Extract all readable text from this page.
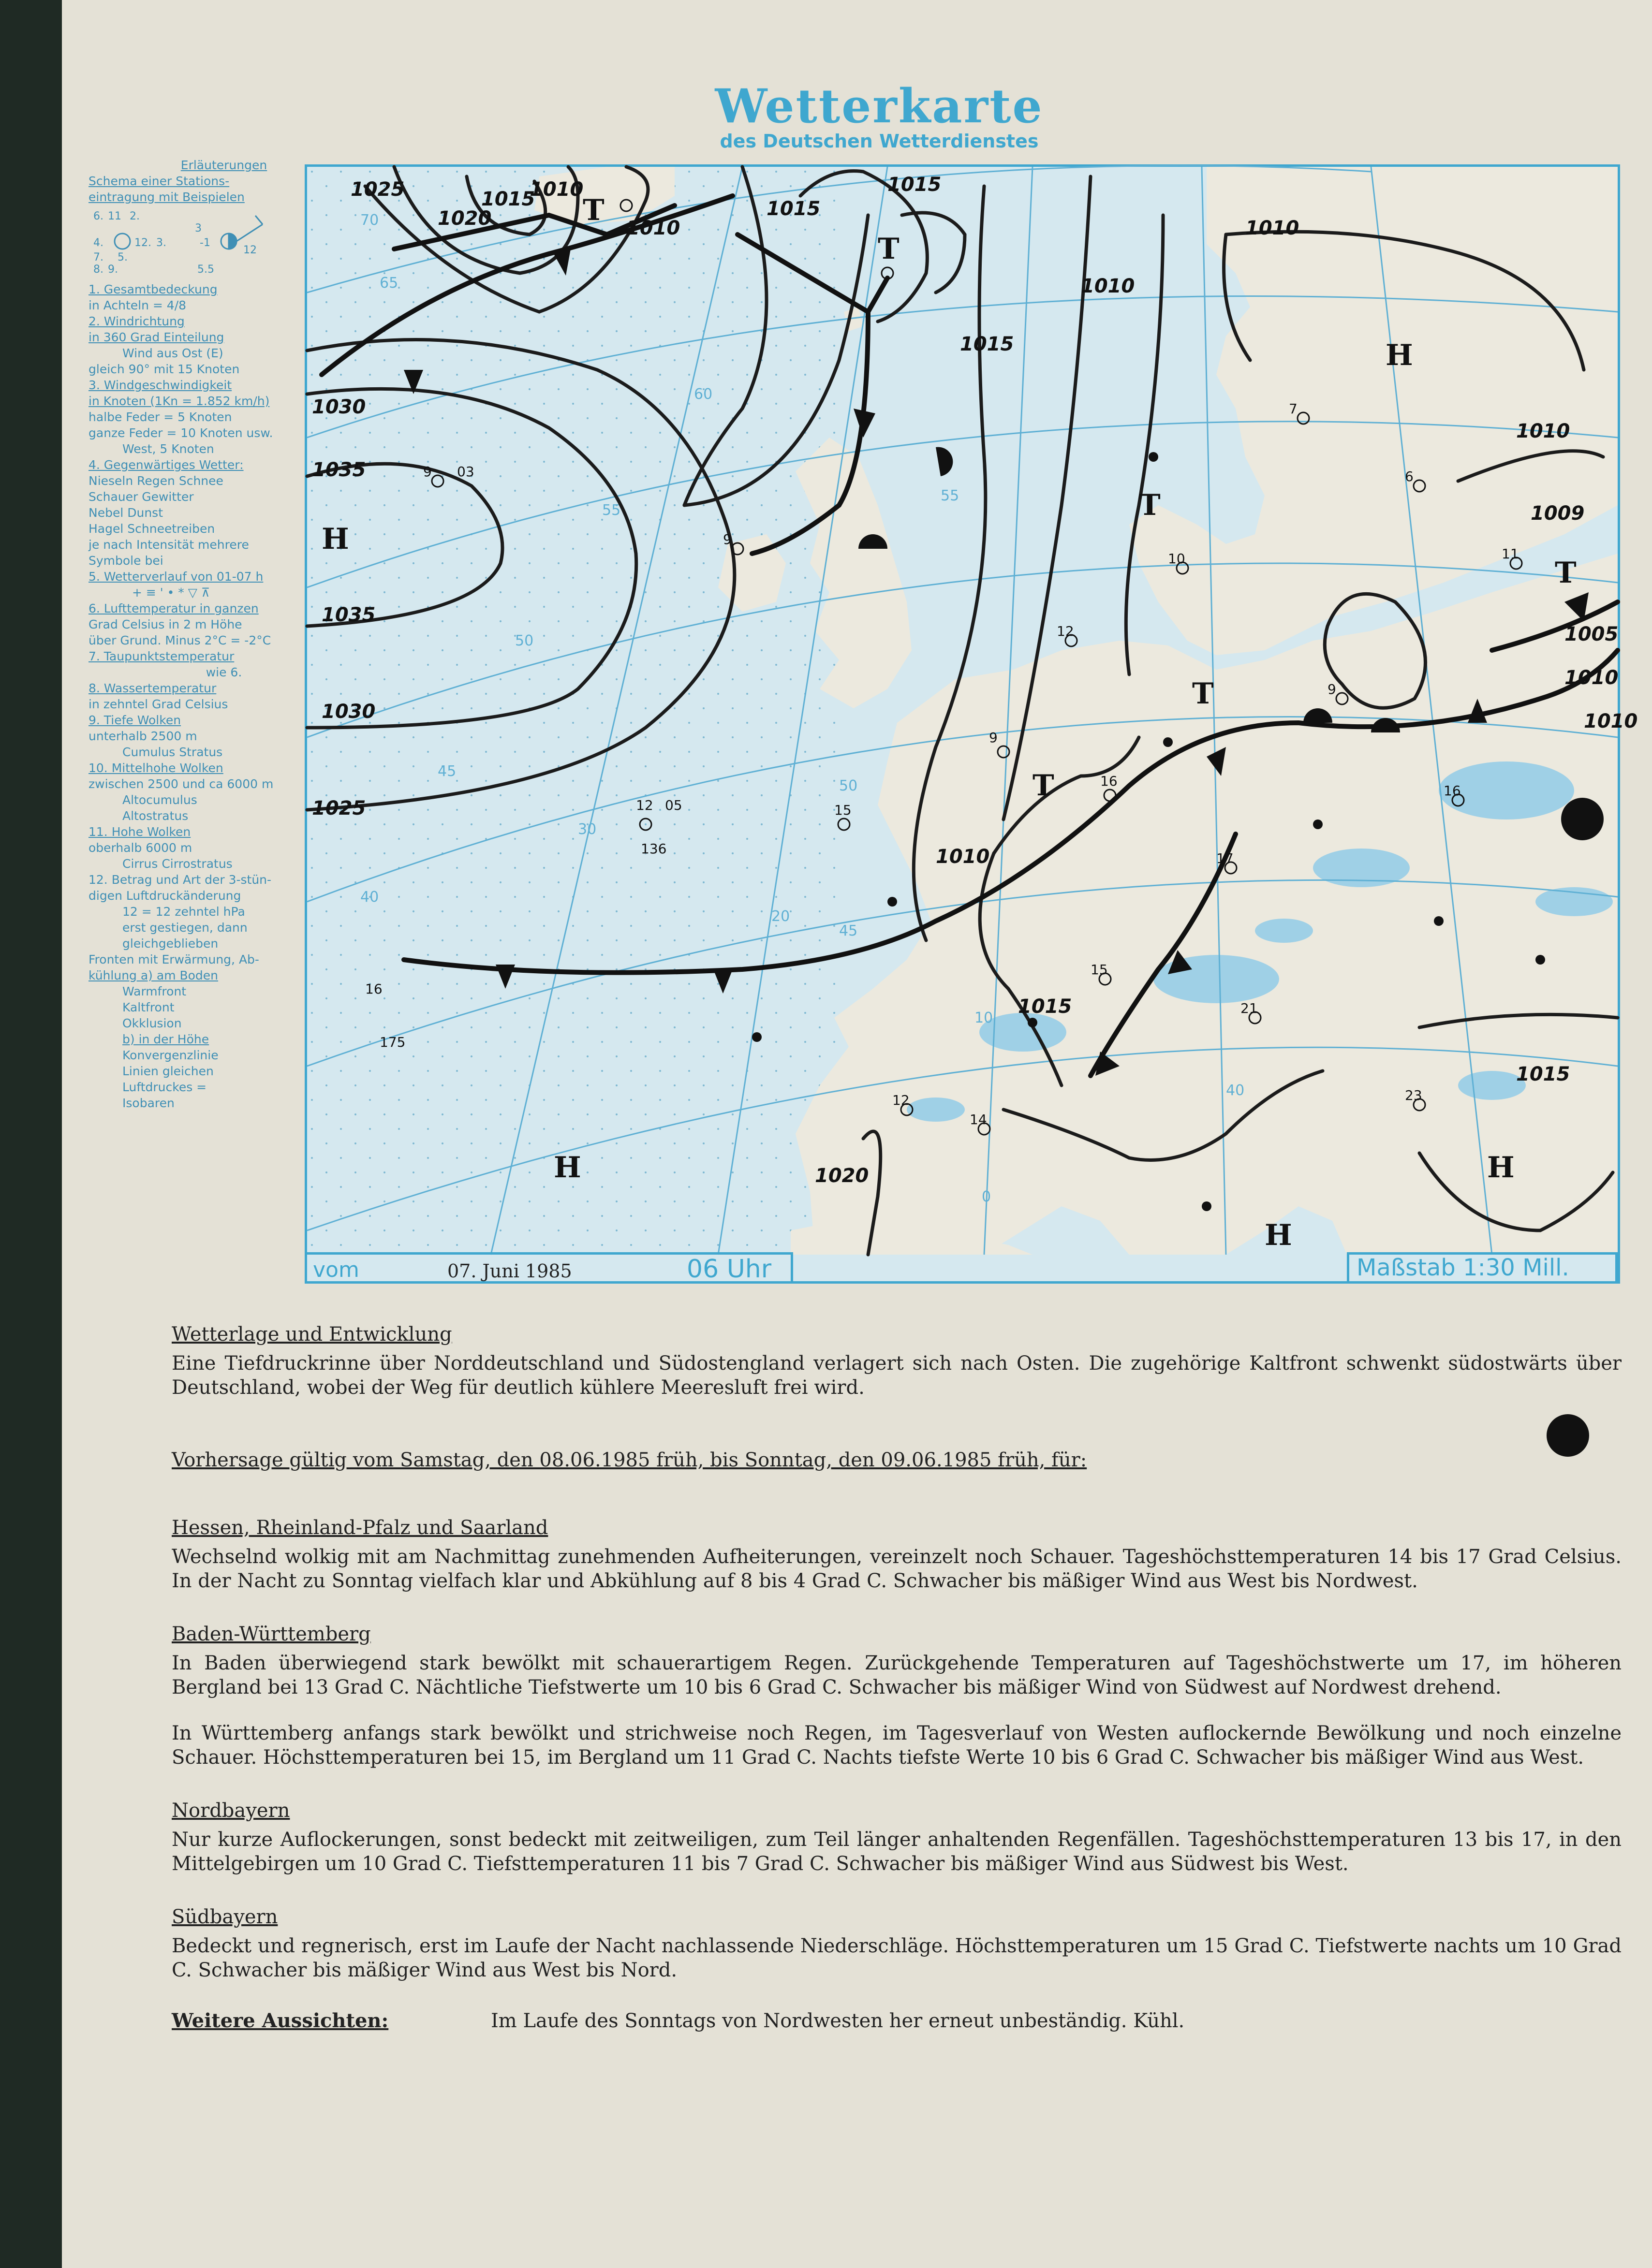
Wetterkarte
des Deutschen Wetterdienstes
Erläuterungen
Schema einer Stations-
eintragung mit Beispielen
6. 11 2.
4.	12. 3.
7. 5.
8. 9.
3
-1
5.5
12
1. Gesamtbedeckung
in Achteln = 4/8
2. Windrichtung
in 360 Grad Einteilung
Wind aus Ost (E)
gleich 90° mit 15 Knoten
3. Windgeschwindigkeit
in Knoten (1Kn = 1.852 km/h)
halbe Feder = 5 Knoten
ganze Feder = 10 Knoten usw.
West, 5 Knoten
4. Gegenwärtiges Wetter:
Nieseln Regen Schnee
Schauer Gewitter
Nebel Dunst
Hagel Schneetreiben
je nach Intensität mehrere
Symbole bei
5. Wetterverlauf von 01-07 h
+ ≡ ' • * ▽ ⊼
6. Lufttemperatur in ganzen
Grad Celsius in 2 m Höhe
über Grund. Minus 2°C = -2°C
7. Taupunktstemperatur
wie 6.
8. Wassertemperatur
in zehntel Grad Celsius
9. Tiefe Wolken
unterhalb 2500 m
Cumulus Stratus
10. Mittelhohe Wolken
zwischen 2500 und ca 6000 m
Altocumulus
Altostratus
11. Hohe Wolken
oberhalb 6000 m
Cirrus Cirrostratus
12. Betrag und Art der 3-stün-
digen Luftdruckänderung
12 = 12 zehntel hPa
erst gestiegen, dann
gleichgeblieben
Fronten mit Erwärmung, Ab-
kühlung a) am Boden
Warmfront
Kaltfront
Okklusion
b) in der Höhe
Konvergenzlinie
Linien gleichen
Luftdruckes =
Isobaren
70
65
60
55
50
45
40
55
50
45
40
30
20
10
0
1025
1020
1015
1010
1010
1015
1015
1010
1015
1010
1030
1035
1035
1030
1025
1010
1010
1009
1010
1010
1015
1015
1020
1005
T
T
H
H
T
T
T
T
H
H
H
9 03
9
12 05	15
9
16
17
9
16
7
6
11
10
15
21
23
12
14
12
16
175
136
vom	07. Juni 1985	06 Uhr	Maßstab 1:30 Mill.

Wetterlage und Entwicklung

Eine Tiefdruckrinne über Norddeutschland und Südostengland verlagert sich nach Osten. Die zugehörige Kaltfront schwenkt südostwärts über Deutschland, wobei der Weg für deutlich kühlere Meeresluft frei wird.

Vorhersage gültig vom Samstag, den 08.06.1985 früh, bis Sonntag, den 09.06.1985 früh, für:

Hessen, Rheinland-Pfalz und Saarland

Wechselnd wolkig mit am Nachmittag zunehmenden Aufheiterungen, vereinzelt noch Schauer. Tageshöchsttemperaturen 14 bis 17 Grad Celsius. In der Nacht zu Sonntag vielfach klar und Abkühlung auf 8 bis 4 Grad C. Schwacher bis mäßiger Wind aus West bis Nordwest.

Baden-Württemberg

In Baden überwiegend stark bewölkt mit schauerartigem Regen. Zurückgehende Temperaturen auf Tageshöchstwerte um 17, im höheren Bergland bei 13 Grad C. Nächtliche Tiefstwerte um 10 bis 6 Grad C. Schwacher bis mäßiger Wind von Südwest auf Nordwest drehend.

In Württemberg anfangs stark bewölkt und strichweise noch Regen, im Tagesverlauf von Westen auflockernde Bewölkung und noch einzelne Schauer. Höchsttemperaturen bei 15, im Bergland um 11 Grad C. Nachts tiefste Werte 10 bis 6 Grad C. Schwacher bis mäßiger Wind aus West.

Nordbayern

Nur kurze Auflockerungen, sonst bedeckt mit zeitweiligen, zum Teil länger anhaltenden Regenfällen. Tageshöchsttemperaturen 13 bis 17, in den Mittelgebirgen um 10 Grad C. Tiefsttemperaturen 11 bis 7 Grad C. Schwacher bis mäßiger Wind aus Südwest bis West.

Südbayern

Bedeckt und regnerisch, erst im Laufe der Nacht nachlassende Niederschläge. Höchsttemperaturen um 15 Grad C. Tiefstwerte nachts um 10 Grad C. Schwacher bis mäßiger Wind aus West bis Nord.

Weitere Aussichten:	Im Laufe des Sonntags von Nordwesten her erneut unbeständig. Kühl.
